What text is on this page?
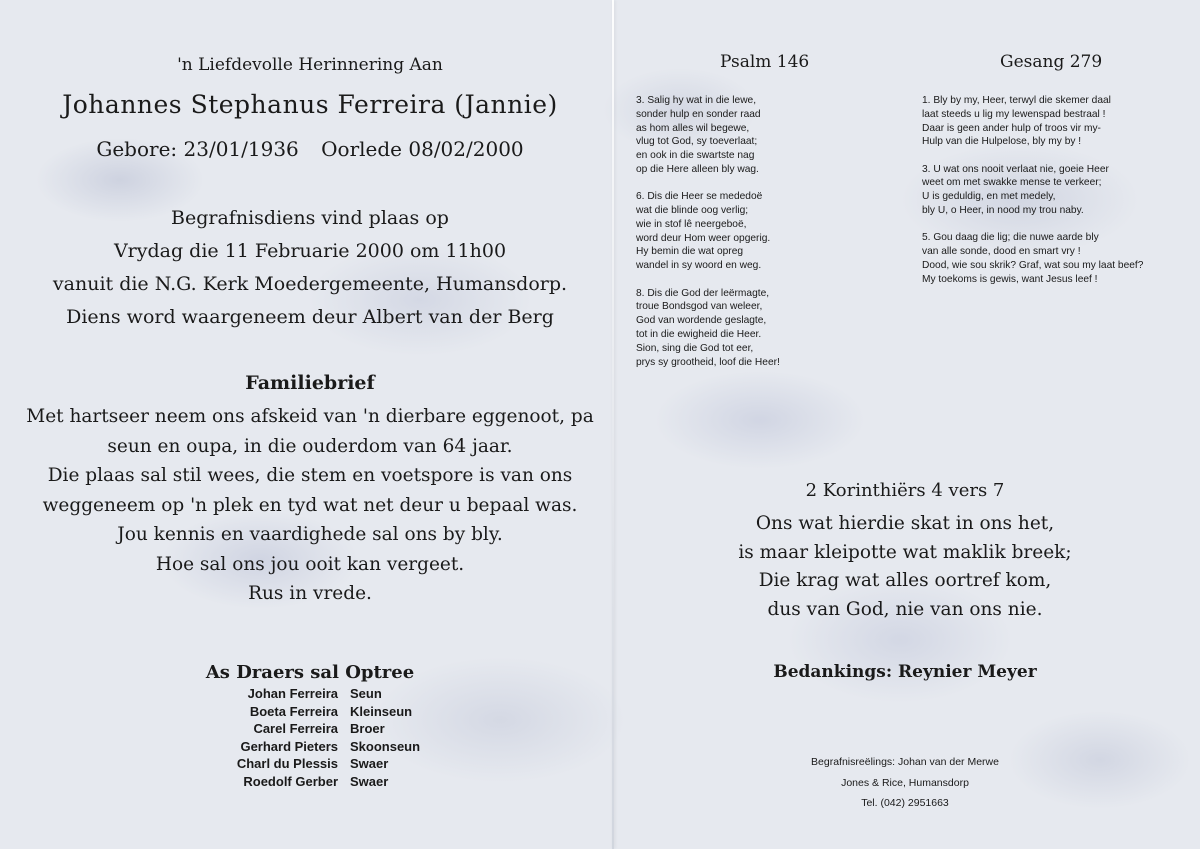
'n Liefdevolle Herinnering Aan
Johannes Stephanus Ferreira (Jannie)
Gebore: 23/01/1936 Oorlede 08/02/2000
Begrafnisdiens vind plaas op
Vrydag die 11 Februarie 2000 om 11h00
vanuit die N.G. Kerk Moedergemeente, Humansdorp.
Diens word waargeneem deur Albert van der Berg
Familiebrief
Met hartseer neem ons afskeid van 'n dierbare eggenoot, pa
seun en oupa, in die ouderdom van 64 jaar.
Die plaas sal stil wees, die stem en voetspore is van ons
weggeneem op 'n plek en tyd wat net deur u bepaal was.
Jou kennis en vaardighede sal ons by bly.
Hoe sal ons jou ooit kan vergeet.
Rus in vrede.
As Draers sal Optree
Johan Ferreira Seun
Boeta Ferreira Kleinseun
Carel Ferreira Broer
Gerhard Pieters Skoonseun
Charl du Plessis Swaer
Roedolf Gerber Swaer
Psalm 146
3. Salig hy wat in die lewe,
sonder hulp en sonder raad
as hom alles wil begewe,
vlug tot God, sy toeverlaat;
en ook in die swartste nag
op die Here alleen bly wag.
6. Dis die Heer se mededoë
wat die blinde oog verlig;
wie in stof lê neergeboë,
word deur Hom weer opgerig.
Hy bemin die wat opreg
wandel in sy woord en weg.
8. Dis die God der leërmagte,
troue Bondsgod van weleer,
God van wordende geslagte,
tot in die ewigheid die Heer.
Sion, sing die God tot eer,
prys sy grootheid, loof die Heer!
Gesang 279
1. Bly by my, Heer, terwyl die skemer daal
laat steeds u lig my lewenspad bestraal !
Daar is geen ander hulp of troos vir my-
Hulp van die Hulpelose, bly my by !
3. U wat ons nooit verlaat nie, goeie Heer
weet om met swakke mense te verkeer;
U is geduldig, en met medely,
bly U, o Heer, in nood my trou naby.
5. Gou daag die lig; die nuwe aarde bly
van alle sonde, dood en smart vry !
Dood, wie sou skrik? Graf, wat sou my laat beef?
My toekoms is gewis, want Jesus leef !
2 Korinthiërs 4 vers 7
Ons wat hierdie skat in ons het,
is maar kleipotte wat maklik breek;
Die krag wat alles oortref kom,
dus van God, nie van ons nie.
Bedankings: Reynier Meyer
Begrafnisreëlings: Johan van der Merwe
Jones & Rice, Humansdorp
Tel. (042) 2951663
